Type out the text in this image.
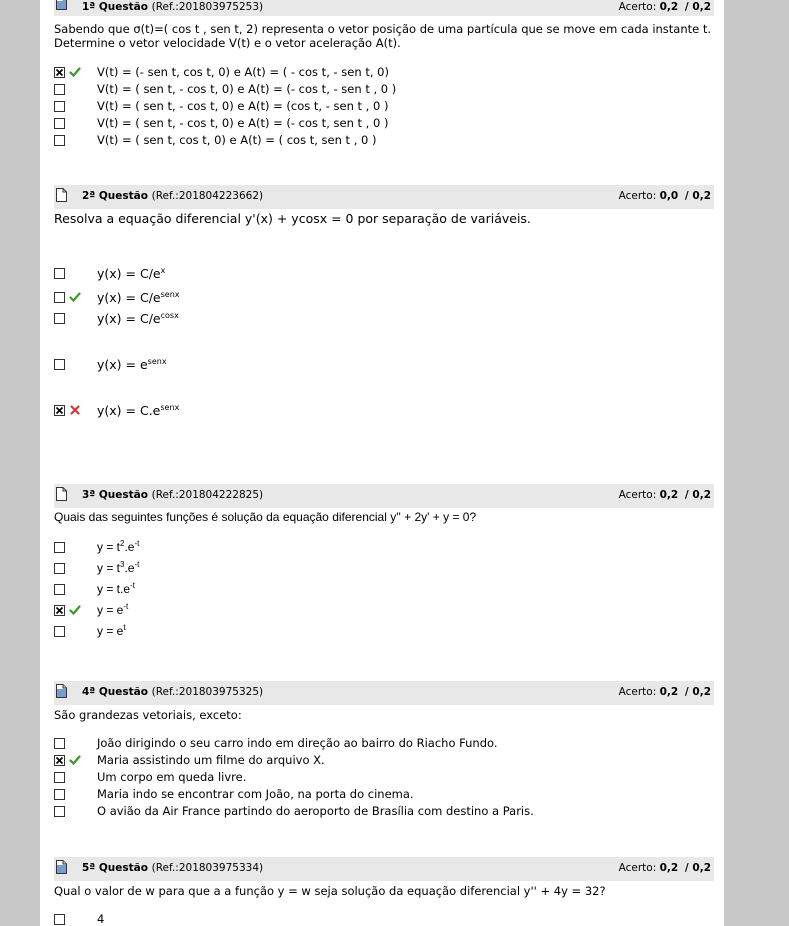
1ª Questão (Ref.:201803975253)	Acerto: 0,2 / 0,2

Sabendo que σ(t)=( cos t , sen t, 2) representa o vetor posição de uma partícula que se move em cada instante t.
Determine o vetor velocidade V(t) e o vetor aceleração A(t).

V(t) = (- sen t, cos t, 0) e A(t) = ( - cos t, - sen t, 0)
V(t) = ( sen t, - cos t, 0) e A(t) = (- cos t, - sen t , 0 )
V(t) = ( sen t, - cos t, 0) e A(t) = (cos t, - sen t , 0 )
V(t) = ( sen t, - cos t, 0) e A(t) = (- cos t, sen t , 0 )
V(t) = ( sen t, cos t, 0) e A(t) = ( cos t, sen t , 0 )
2ª Questão (Ref.:201804223662)	Acerto: 0,0 / 0,2

Resolva a equação diferencial y'(x) + ycosx = 0 por separação de variáveis.

$y(x) = C/e^x$
$y(x) = C/e^{senx}$
$y(x) = C/e^{cosx}$
$y(x) = e^{senx}$
$y(x) = C.e^{senx}$
3ª Questão (Ref.:201804222825)	Acerto: 0,2 / 0,2

Quais das seguintes funções é solução da equação diferencial y'' + 2y' + y = 0?

$y = t^2.e^{-t}$
$y = t^3.e^{-t}$
$y = t.e^{-t}$
$y = e^{-t}$
$y = e^t$
4ª Questão (Ref.:201803975325)	Acerto: 0,2 / 0,2

São grandezas vetoriais, exceto:

João dirigindo o seu carro indo em direção ao bairro do Riacho Fundo.
Maria assistindo um filme do arquivo X.
Um corpo em queda livre.
Maria indo se encontrar com João, na porta do cinema.
O avião da Air France partindo do aeroporto de Brasília com destino a Paris.
5ª Questão (Ref.:201803975334)	Acerto: 0,2 / 0,2

Qual o valor de w para que a a função y = w seja solução da equação diferencial y'' + 4y = 32?

4
